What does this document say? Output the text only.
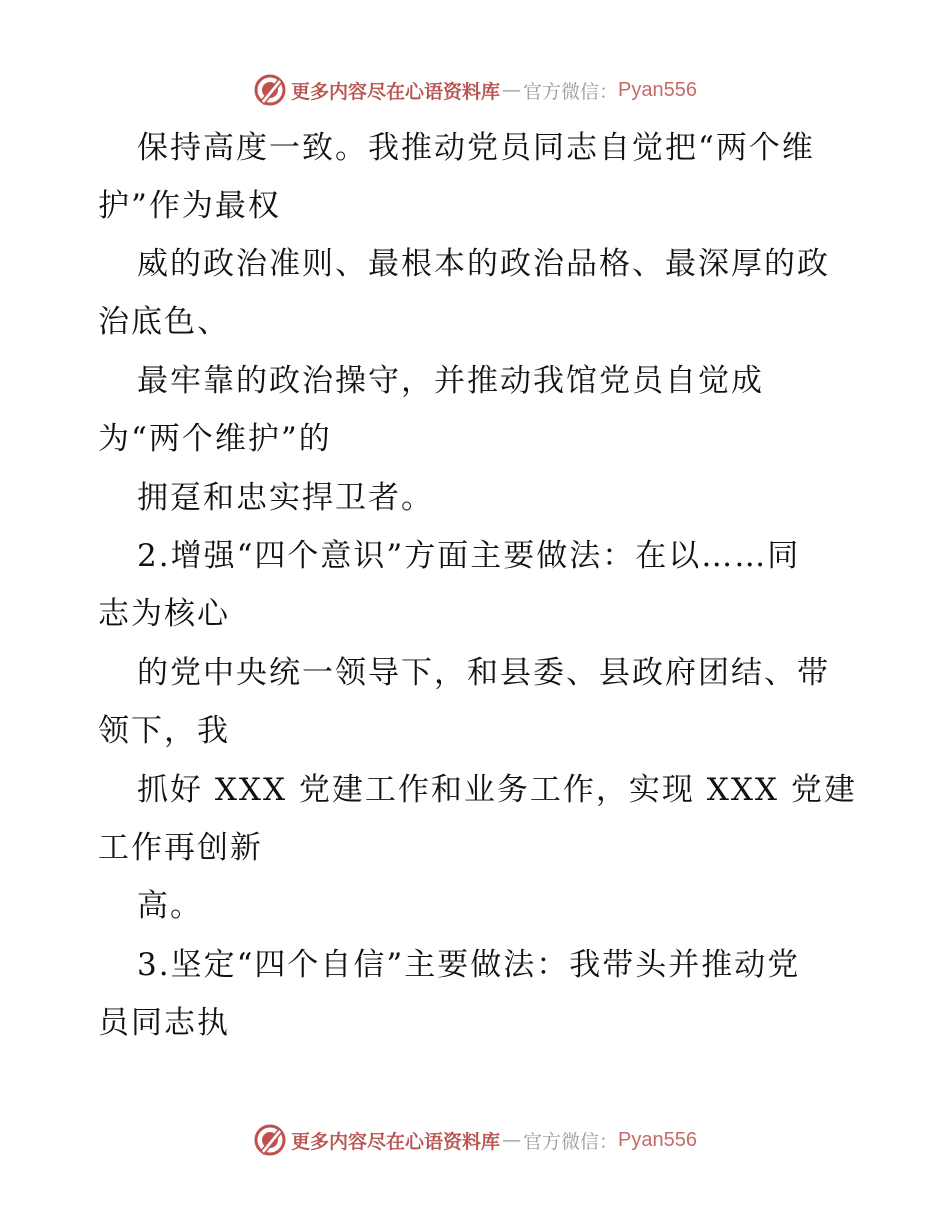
更多内容尽在心语资料库 — 官方微信： Pyan556
保持高度一致。我推动党员同志自觉把“两个维
护”作为最权
威的政治准则、最根本的政治品格、最深厚的政
治底色、
最牢靠的政治操守，并推动我馆党员自觉成
为“两个维护”的
拥趸和忠实捍卫者。
2.增强“四个意识”方面主要做法：在以……同
志为核心
的党中央统一领导下，和县委、县政府团结、带
领下，我
抓好 XXX 党建工作和业务工作，实现 XXX 党建
工作再创新
高。
3.坚定“四个自信”主要做法：我带头并推动党
员同志执
更多内容尽在心语资料库 — 官方微信： Pyan556
